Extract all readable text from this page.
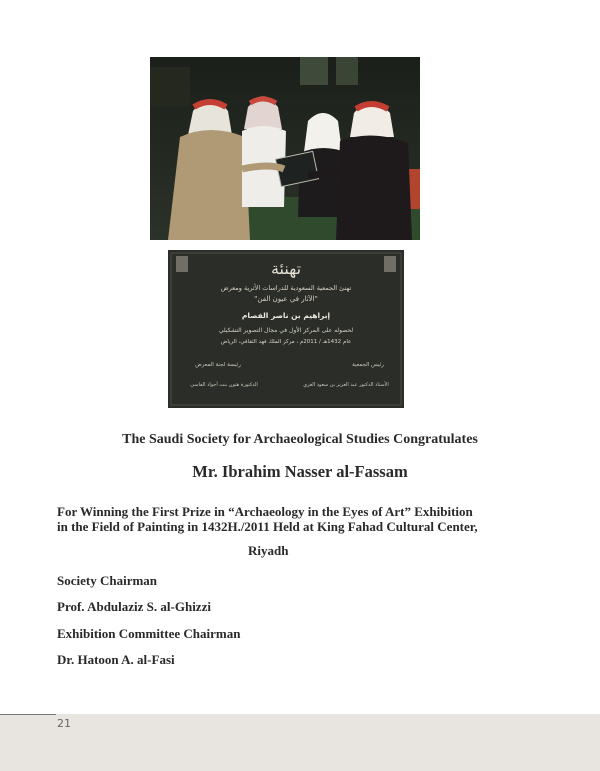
تهنئة
تهنئ الجمعية السعودية للدراسات الأثرية ومعرض
"الآثار في عيون الفن"
إبراهيم بن ناصر الفصام
لحصوله على المركز الأول في مجال التصوير التشكيلي
عام 1432هـ / 2011م ، مركز الملك فهد الثقافي، الرياض
رئيس الجمعية
رئيسة لجنة المعرض
الأستاذ الدكتور عبد العزيز بن سعود الغزي
الدكتورة هتون بنت أجواد الفاسي

The Saudi Society for Archaeological Studies Congratulates

Mr. Ibrahim Nasser al-Fassam

For Winning the First Prize in “Archaeology in the Eyes of Art” Exhibition

in the Field of Painting in 1432H./2011 Held at King Fahad Cultural Center,

Riyadh
Society Chairman
Prof. Abdulaziz S. al-Ghizzi
Exhibition Committee Chairman
Dr. Hatoon A. al-Fasi
21
